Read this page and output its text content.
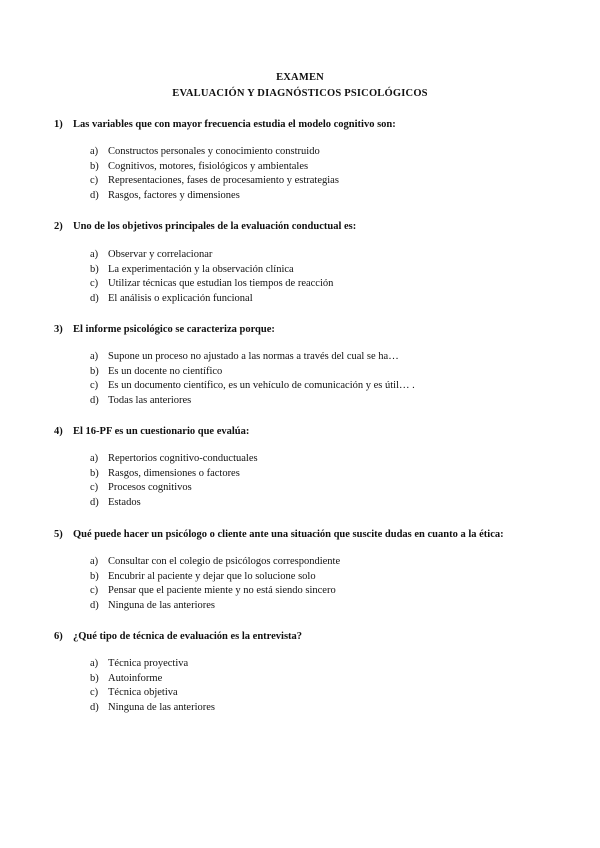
EXAMEN
EVALUACIÓN Y DIAGNÓSTICOS PSICOLÓGICOS
1) Las variables que con mayor frecuencia estudia el modelo cognitivo son:
a) Constructos personales y conocimiento construido
b) Cognitivos, motores, fisiológicos y ambientales
c) Representaciones, fases de procesamiento y estrategias
d) Rasgos, factores y dimensiones
2) Uno de los objetivos principales de la evaluación conductual es:
a) Observar y correlacionar
b) La experimentación y la observación clínica
c) Utilizar técnicas que estudian los tiempos de reacción
d) El análisis o explicación funcional
3) El informe psicológico se caracteriza porque:
a) Supone un proceso no ajustado a las normas a través del cual se ha…
b) Es un docente no científico
c) Es un documento científico, es un vehículo de comunicación y es útil… .
d) Todas las anteriores
4) El 16-PF es un cuestionario que evalúa:
a) Repertorios cognitivo-conductuales
b) Rasgos, dimensiones o factores
c) Procesos cognitivos
d) Estados
5) Qué puede hacer un psicólogo o cliente ante una situación que suscite dudas en cuanto a la ética:
a) Consultar con el colegio de psicólogos correspondiente
b) Encubrir al paciente y dejar que lo solucione solo
c) Pensar que el paciente miente y no está siendo sincero
d) Ninguna de las anteriores
6) ¿Qué tipo de técnica de evaluación es la entrevista?
a) Técnica proyectiva
b) Autoinforme
c) Técnica objetiva
d) Ninguna de las anteriores
